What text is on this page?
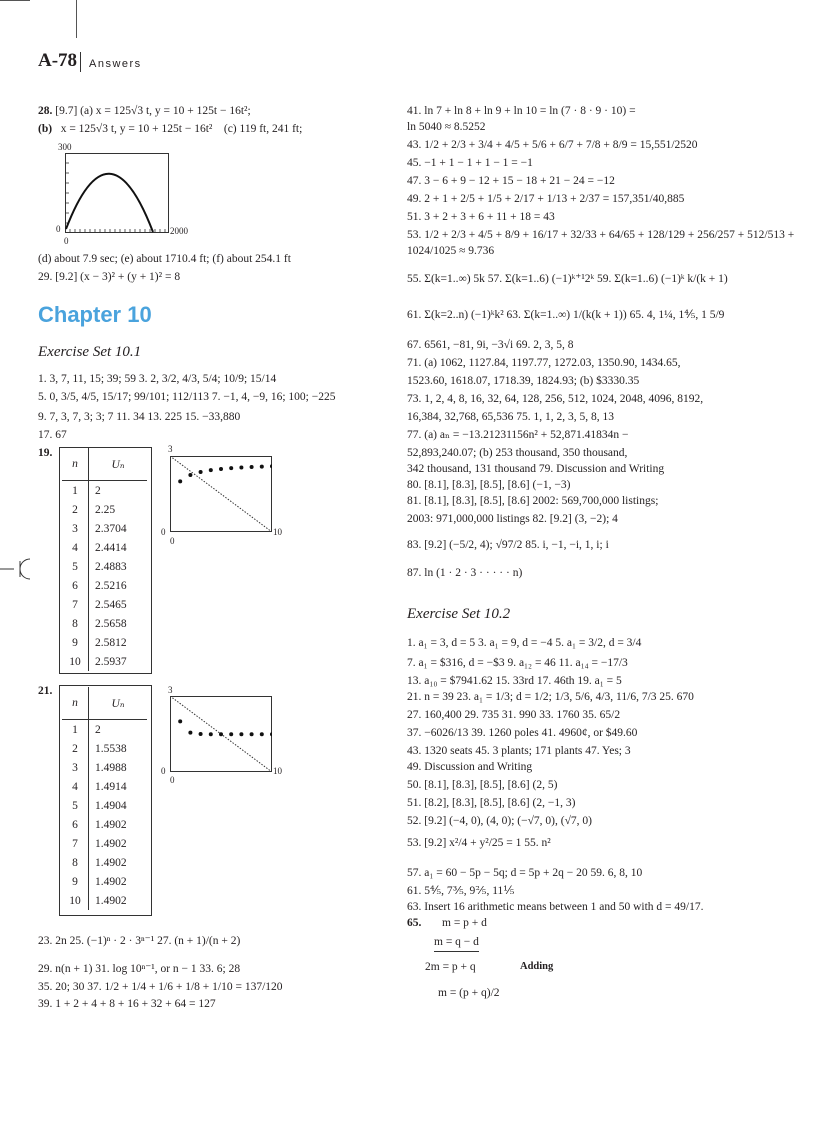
A-78 Answers
28. [9.7] (a) x = 125√3 t, y = 10 + 125t − 16t²;
(b) x = 125√3 t, y = 10 + 125t − 16t² (c) 119 ft, 241 ft;
300
0
0
2000
(d) about 7.9 sec; (e) about 1710.4 ft; (f) about 254.1 ft
29. [9.2] (x − 3)² + (y + 1)² = 8
Chapter 10
Exercise Set 10.1
1. 3, 7, 11, 15; 39; 59 3. 2, 3/2, 4/3, 5/4; 10/9; 15/14
5. 0, 3/5, 4/5, 15/17; 99/101; 112/113 7. −1, 4, −9, 16; 100; −225
9. 7, 3, 7, 3; 3; 7 11. 34 13. 225 15. −33,880
17. 67
19.
n	Uₙ
1	2
2	2.25
3	2.3704
4	2.4414
5	2.4883
6	2.5216
7	2.5465
8	2.5658
9	2.5812
10	2.5937
3
0
0
10
21.
n	Uₙ
1	2
2	1.5538
3	1.4988
4	1.4914
5	1.4904
6	1.4902
7	1.4902
8	1.4902
9	1.4902
10	1.4902
3
0
0
10
23. 2n 25. (−1)ⁿ · 2 · 3ⁿ⁻¹ 27. (n + 1)/(n + 2)
29. n(n + 1) 31. log 10ⁿ⁻¹, or n − 1 33. 6; 28
35. 20; 30 37. 1/2 + 1/4 + 1/6 + 1/8 + 1/10 = 137/120
39. 1 + 2 + 4 + 8 + 16 + 32 + 64 = 127
41. ln 7 + ln 8 + ln 9 + ln 10 = ln (7 · 8 · 9 · 10) =
ln 5040 ≈ 8.5252
43. 1/2 + 2/3 + 3/4 + 4/5 + 5/6 + 6/7 + 7/8 + 8/9 = 15,551/2520
45. −1 + 1 − 1 + 1 − 1 = −1
47. 3 − 6 + 9 − 12 + 15 − 18 + 21 − 24 = −12
49. 2 + 1 + 2/5 + 1/5 + 2/17 + 1/13 + 2/37 = 157,351/40,885
51. 3 + 2 + 3 + 6 + 11 + 18 = 43
53. 1/2 + 2/3 + 4/5 + 8/9 + 16/17 + 32/33 + 64/65 + 128/129 + 256/257 + 512/513 +
1024/1025 ≈ 9.736
55. Σ(k=1..∞) 5k 57. Σ(k=1..6) (−1)ᵏ⁺¹2ᵏ 59. Σ(k=1..6) (−1)ᵏ k/(k + 1)
61. Σ(k=2..n) (−1)ᵏk² 63. Σ(k=1..∞) 1/(k(k + 1)) 65. 4, 1¼, 1⅘, 1 5/9
67. 6561, −81, 9i, −3√i 69. 2, 3, 5, 8
71. (a) 1062, 1127.84, 1197.77, 1272.03, 1350.90, 1434.65,
1523.60, 1618.07, 1718.39, 1824.93; (b) $3330.35
73. 1, 2, 4, 8, 16, 32, 64, 128, 256, 512, 1024, 2048, 4096, 8192,
16,384, 32,768, 65,536 75. 1, 1, 2, 3, 5, 8, 13
77. (a) aₙ = −13.21231156n² + 52,871.41834n −
52,893,240.07; (b) 253 thousand, 350 thousand,
342 thousand, 131 thousand 79. Discussion and Writing
80. [8.1], [8.3], [8.5], [8.6] (−1, −3)
81. [8.1], [8.3], [8.5], [8.6] 2002: 569,700,000 listings;
2003: 971,000,000 listings 82. [9.2] (3, −2); 4
83. [9.2] (−5/2, 4); √97/2 85. i, −1, −i, 1, i; i
87. ln (1 · 2 · 3 · · · · · n)
Exercise Set 10.2
1. a₁ = 3, d = 5 3. a₁ = 9, d = −4 5. a₁ = 3/2, d = 3/4
7. a₁ = $316, d = −$3 9. a₁₂ = 46 11. a₁₄ = −17/3
13. a₁₀ = $7941.62 15. 33rd 17. 46th 19. a₁ = 5
21. n = 39 23. a₁ = 1/3; d = 1/2; 1/3, 5/6, 4/3, 11/6, 7/3 25. 670
27. 160,400 29. 735 31. 990 33. 1760 35. 65/2
37. −6026/13 39. 1260 poles 41. 4960¢, or $49.60
43. 1320 seats 45. 3 plants; 171 plants 47. Yes; 3
49. Discussion and Writing
50. [8.1], [8.3], [8.5], [8.6] (2, 5)
51. [8.2], [8.3], [8.5], [8.6] (2, −1, 3)
52. [9.2] (−4, 0), (4, 0); (−√7, 0), (√7, 0)
53. [9.2] x²/4 + y²/25 = 1 55. n²
57. a₁ = 60 − 5p − 5q; d = 5p + 2q − 20 59. 6, 8, 10
61. 5⅘, 7⅗, 9⅖, 11⅕
63. Insert 16 arithmetic means between 1 and 50 with d = 49/17.
65. m = p + d
m = q − d
2m = p + q	Adding
m = (p + q)/2
